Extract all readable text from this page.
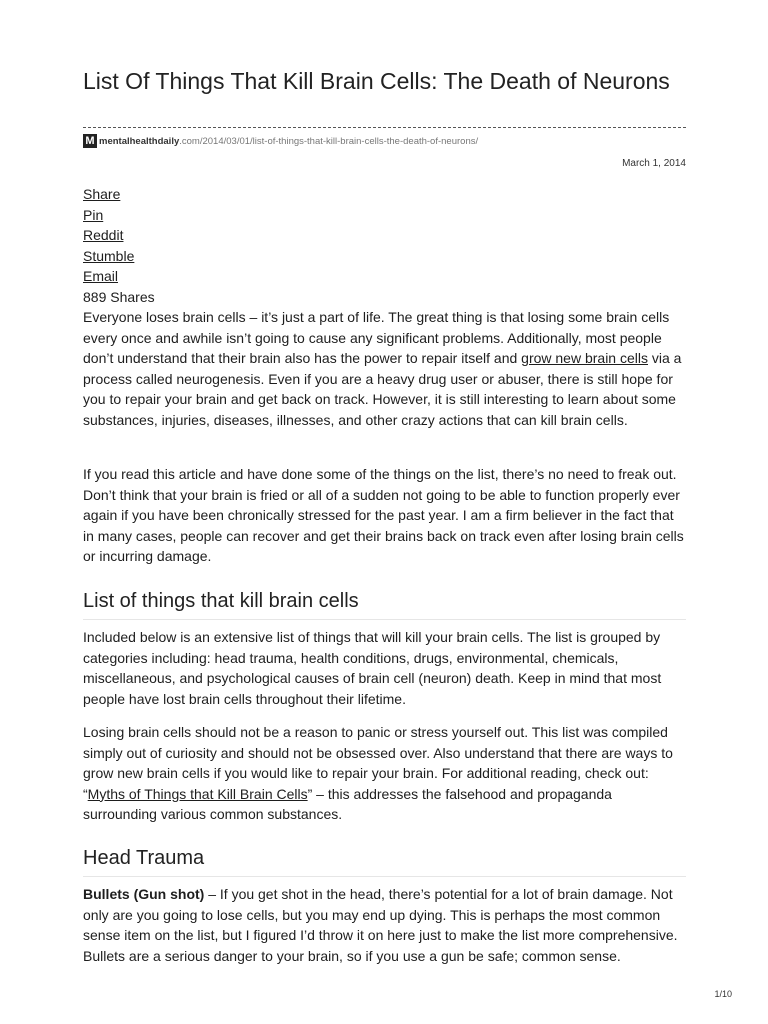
List Of Things That Kill Brain Cells: The Death of Neurons
M mentalhealthdaily .com /2014/03/01/list-of-things-that-kill-brain-cells-the-death-of-neurons/
March 1, 2014
Share
Pin
Reddit
Stumble
Email
889 Shares

Everyone loses brain cells – it’s just a part of life. The great thing is that losing some brain cells every once and awhile isn’t going to cause any significant problems. Additionally, most people don’t understand that their brain also has the power to repair itself and grow new brain cells via a process called neurogenesis. Even if you are a heavy drug user or abuser, there is still hope for you to repair your brain and get back on track. However, it is still interesting to learn about some substances, injuries, diseases, illnesses, and other crazy actions that can kill brain cells.

If you read this article and have done some of the things on the list, there’s no need to freak out. Don’t think that your brain is fried or all of a sudden not going to be able to function properly ever again if you have been chronically stressed for the past year. I am a firm believer in the fact that in many cases, people can recover and get their brains back on track even after losing brain cells or incurring damage.

List of things that kill brain cells

Included below is an extensive list of things that will kill your brain cells. The list is grouped by categories including: head trauma, health conditions, drugs, environmental, chemicals, miscellaneous, and psychological causes of brain cell (neuron) death. Keep in mind that most people have lost brain cells throughout their lifetime.

Losing brain cells should not be a reason to panic or stress yourself out. This list was compiled simply out of curiosity and should not be obsessed over. Also understand that there are ways to grow new brain cells if you would like to repair your brain. For additional reading, check out: “Myths of Things that Kill Brain Cells” – this addresses the falsehood and propaganda surrounding various common substances.

Head Trauma

Bullets (Gun shot) – If you get shot in the head, there’s potential for a lot of brain damage. Not only are you going to lose cells, but you may end up dying. This is perhaps the most common sense item on the list, but I figured I’d throw it on here just to make the list more comprehensive. Bullets are a serious danger to your brain, so if you use a gun be safe; common sense.

1/10
